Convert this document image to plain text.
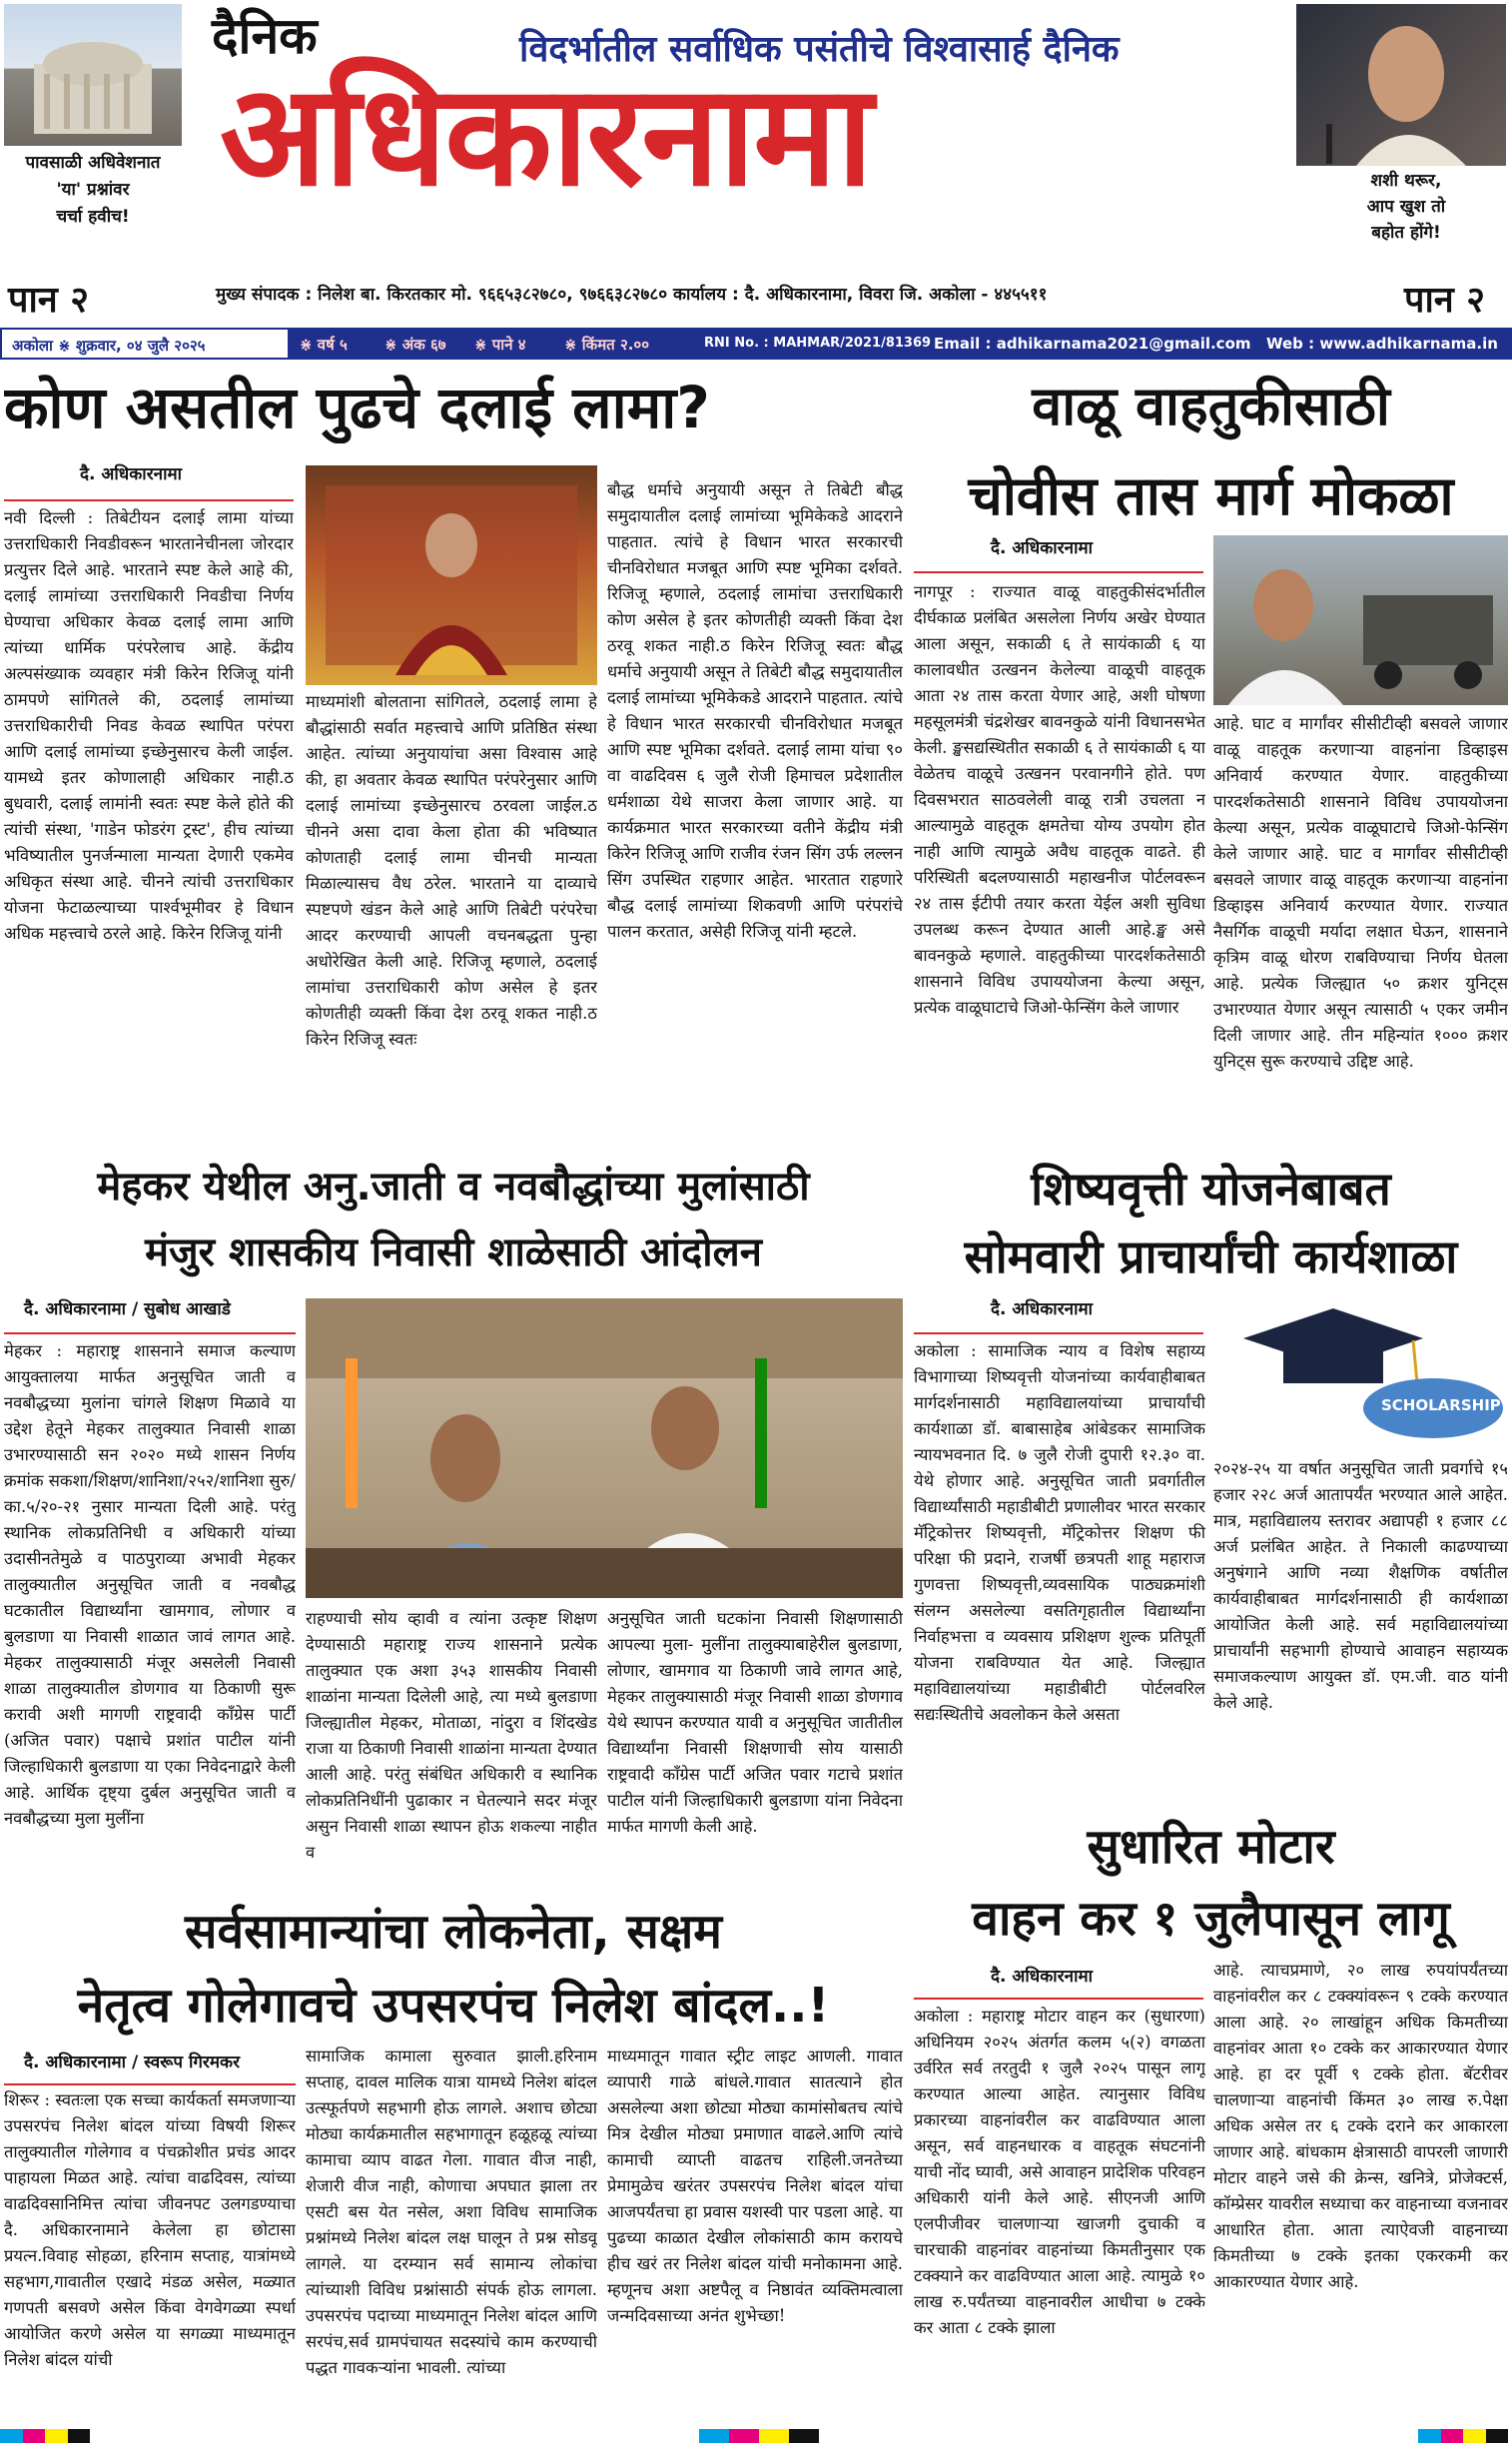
पावसाळी अधिवेशनात
'या' प्रश्नांवर
चर्चा हवीच!
दैनिक	विदर्भातील सर्वाधिक पसंतीचे विश्वासार्ह दैनिक
अधिकारनामा	शशी थरूर,
आप खुश तो
बहोत होंगे!
पान २	मुख्य संपादक : निलेश बा. किरतकार मो. ९६६५३८२७८०, ९७६६३८२७८० कार्यालय : दै. अधिकारनामा, विवरा जि. अकोला - ४४५५११	पान २
अकोला ⋇ शुक्रवार, ०४ जुलै २०२५	⋇ वर्ष ५ ⋇ अंक ६७ ⋇ पाने ४	⋇ किंमत २.००	RNI No. : MAHMAR/2021/81369 Email : adhikarnama2021@gmail.com Web : www.adhikarnama.in
कोण असतील पुढचे दलाई लामा?
दै. अधिकारनामा
नवी दिल्ली : तिबेटीयन दलाई लामा यांच्या उत्तराधिकारी निवडीवरून भारतानेचीनला जोरदार प्रत्युत्तर दिले आहे. भारताने स्पष्ट केले आहे की, दलाई लामांच्या उत्तराधिकारी निवडीचा निर्णय घेण्याचा अधिकार केवळ दलाई लामा आणि त्यांच्या धार्मिक परंपरेलाच आहे. केंद्रीय अल्पसंख्याक व्यवहार मंत्री किरेन रिजिजू यांनी ठामपणे सांगितले की, ठदलाई लामांच्या उत्तराधिकारीची निवड केवळ स्थापित परंपरा आणि दलाई लामांच्या इच्छेनुसारच केली जाईल. यामध्ये इतर कोणालाही अधिकार नाही.ठ बुधवारी, दलाई लामांनी स्वतः स्पष्ट केले होते की त्यांची संस्था, 'गाडेन फोडरंग ट्रस्ट', हीच त्यांच्या भविष्यातील पुनर्जन्माला मान्यता देणारी एकमेव अधिकृत संस्था आहे. चीनने त्यांची उत्तराधिकार योजना फेटाळल्याच्या पार्श्वभूमीवर हे विधान अधिक महत्त्वाचे ठरले आहे. किरेन रिजिजू यांनी
माध्यमांशी बोलताना सांगितले, ठदलाई लामा हे बौद्धांसाठी सर्वात महत्त्वाचे आणि प्रतिष्ठित संस्था आहेत. त्यांच्या अनुयायांचा असा विश्वास आहे की, हा अवतार केवळ स्थापित परंपरेनुसार आणि दलाई लामांच्या इच्छेनुसारच ठरवला जाईल.ठ चीनने असा दावा केला होता की भविष्यात कोणताही दलाई लामा चीनची मान्यता मिळाल्यासच वैध ठरेल. भारताने या दाव्याचे स्पष्टपणे खंडन केले आहे आणि तिबेटी परंपरेचा आदर करण्याची आपली वचनबद्धता पुन्हा अधोरेखित केली आहे. रिजिजू म्हणाले, ठदलाई लामांचा उत्तराधिकारी कोण असेल हे इतर कोणतीही व्यक्ती किंवा देश ठरवू शकत नाही.ठ किरेन रिजिजू स्वतः
बौद्ध धर्माचे अनुयायी असून ते तिबेटी बौद्ध समुदायातील दलाई लामांच्या भूमिकेकडे आदराने पाहतात. त्यांचे हे विधान भारत सरकारची चीनविरोधात मजबूत आणि स्पष्ट भूमिका दर्शवते. रिजिजू म्हणाले, ठदलाई लामांचा उत्तराधिकारी कोण असेल हे इतर कोणतीही व्यक्ती किंवा देश ठरवू शकत नाही.ठ किरेन रिजिजू स्वतः बौद्ध धर्माचे अनुयायी असून ते तिबेटी बौद्ध समुदायातील दलाई लामांच्या भूमिकेकडे आदराने पाहतात. त्यांचे हे विधान भारत सरकारची चीनविरोधात मजबूत आणि स्पष्ट भूमिका दर्शवते. दलाई लामा यांचा ९० वा वाढदिवस ६ जुलै रोजी हिमाचल प्रदेशातील धर्मशाळा येथे साजरा केला जाणार आहे. या कार्यक्रमात भारत सरकारच्या वतीने केंद्रीय मंत्री किरेन रिजिजू आणि राजीव रंजन सिंग उर्फ लल्लन सिंग उपस्थित राहणार आहेत. भारतात राहणारे बौद्ध दलाई लामांच्या शिकवणी आणि परंपरांचे पालन करतात, असेही रिजिजू यांनी म्हटले.
वाळू वाहतुकीसाठी
चोवीस तास मार्ग मोकळा
दै. अधिकारनामा
नागपूर : राज्यात वाळू वाहतुकीसंदर्भातील दीर्घकाळ प्रलंबित असलेला निर्णय अखेर घेण्यात आला असून, सकाळी ६ ते सायंकाळी ६ या कालावधीत उत्खनन केलेल्या वाळूची वाहतूक आता २४ तास करता येणार आहे, अशी घोषणा महसूलमंत्री चंद्रशेखर बावनकुळे यांनी विधानसभेत केली. ङ्खसद्यस्थितीत सकाळी ६ ते सायंकाळी ६ या वेळेतच वाळूचे उत्खनन परवानगीने होते. पण दिवसभरात साठवलेली वाळू रात्री उचलता न आल्यामुळे वाहतूक क्षमतेचा योग्य उपयोग होत नाही आणि त्यामुळे अवैध वाहतूक वाढते. ही परिस्थिती बदलण्यासाठी महाखनीज पोर्टलवरून २४ तास ईटीपी तयार करता येईल अशी सुविधा उपलब्ध करून देण्यात आली आहे.ङ्ख असे बावनकुळे म्हणाले. वाहतुकीच्या पारदर्शकतेसाठी शासनाने विविध उपाययोजना केल्या असून, प्रत्येक वाळूघाटाचे जिओ-फेन्सिंग केले जाणार
आहे. घाट व मार्गांवर सीसीटीव्ही बसवले जाणार वाळू वाहतूक करणाऱ्या वाहनांना डिव्हाइस अनिवार्य करण्यात येणार. वाहतुकीच्या पारदर्शकतेसाठी शासनाने विविध उपाययोजना केल्या असून, प्रत्येक वाळूघाटाचे जिओ-फेन्सिंग केले जाणार आहे. घाट व मार्गांवर सीसीटीव्ही बसवले जाणार वाळू वाहतूक करणाऱ्या वाहनांना डिव्हाइस अनिवार्य करण्यात येणार. राज्यात नैसर्गिक वाळूची मर्यादा लक्षात घेऊन, शासनाने कृत्रिम वाळू धोरण राबविण्याचा निर्णय घेतला आहे. प्रत्येक जिल्ह्यात ५० क्रशर युनिट्स उभारण्यात येणार असून त्यासाठी ५ एकर जमीन दिली जाणार आहे. तीन महिन्यांत १००० क्रशर युनिट्स सुरू करण्याचे उद्दिष्ट आहे.
मेहकर येथील अनु.जाती व नवबौद्धांच्या मुलांसाठी
मंजुर शासकीय निवासी शाळेसाठी आंदोलन
दै. अधिकारनामा / सुबोध आखाडे
मेहकर : महाराष्ट्र शासनाने समाज कल्याण आयुक्तालया मार्फत अनुसूचित जाती व नवबौद्धच्या मुलांना चांगले शिक्षण मिळावे या उद्देश हेतूने मेहकर तालुक्यात निवासी शाळा उभारण्यासाठी सन २०२० मध्ये शासन निर्णय क्रमांक सकशा/शिक्षण/शानिशा/२५२/शानिशा सुरु/का.५/२०-२१ नुसार मान्यता दिली आहे. परंतु स्थानिक लोकप्रतिनिधी व अधिकारी यांच्या उदासीनतेमुळे व पाठपुराव्या अभावी मेहकर तालुक्यातील अनुसूचित जाती व नवबौद्ध घटकातील विद्यार्थ्यांना खामगाव, लोणार व बुलडाणा या निवासी शाळात जावं लागत आहे. मेहकर तालुक्यासाठी मंजूर असलेली निवासी शाळा तालुक्यातील डोणगाव या ठिकाणी सुरू करावी अशी मागणी राष्ट्रवादी काँग्रेस पार्टी (अजित पवार) पक्षाचे प्रशांत पाटील यांनी जिल्हाधिकारी बुलडाणा या एका निवेदनाद्वारे केली आहे. आर्थिक दृष्ट्या दुर्बल अनुसूचित जाती व नवबौद्धच्या मुला मुलींना
राहण्याची सोय व्हावी व त्यांना उत्कृष्ट शिक्षण देण्यासाठी महाराष्ट्र राज्य शासनाने प्रत्येक तालुक्यात एक अशा ३५३ शासकीय निवासी शाळांना मान्यता दिलेली आहे, त्या मध्ये बुलडाणा जिल्ह्यातील मेहकर, मोताळा, नांदुरा व शिंदखेड राजा या ठिकाणी निवासी शाळांना मान्यता देण्यात आली आहे. परंतु संबंधित अधिकारी व स्थानिक लोकप्रतिनिधींनी पुढाकार न घेतल्याने सदर मंजूर असुन निवासी शाळा स्थापन होऊ शकल्या नाहीत व
अनुसूचित जाती घटकांना निवासी शिक्षणासाठी आपल्या मुला- मुलींना तालुक्याबाहेरील बुलडाणा, लोणार, खामगाव या ठिकाणी जावे लागत आहे, मेहकर तालुक्यासाठी मंजूर निवासी शाळा डोणगाव येथे स्थापन करण्यात यावी व अनुसूचित जातीतील विद्यार्थ्यांना निवासी शिक्षणाची सोय यासाठी राष्ट्रवादी काँग्रेस पार्टी अजित पवार गटाचे प्रशांत पाटील यांनी जिल्हाधिकारी बुलडाणा यांना निवेदना मार्फत मागणी केली आहे.
शिष्यवृत्ती योजनेबाबत
सोमवारी प्राचार्यांची कार्यशाळा
दै. अधिकारनामा
अकोला : सामाजिक न्याय व विशेष सहाय्य विभागाच्या शिष्यवृत्ती योजनांच्या कार्यवाहीबाबत मार्गदर्शनासाठी महाविद्यालयांच्या प्राचार्यांची कार्यशाळा डॉ. बाबासाहेब आंबेडकर सामाजिक न्यायभवनात दि. ७ जुलै रोजी दुपारी १२.३० वा. येथे होणार आहे. अनुसूचित जाती प्रवर्गातील विद्यार्थ्यांसाठी महाडीबीटी प्रणालीवर भारत सरकार मॅट्रिकोत्तर शिष्यवृत्ती, मॅट्रिकोत्तर शिक्षण फी परिक्षा फी प्रदाने, राजर्षी छत्रपती शाहू महाराज गुणवत्ता शिष्यवृत्ती,व्यवसायिक पाठ्यक्रमांशी संलग्न असलेल्या वसतिगृहातील विद्यार्थ्यांना निर्वाहभत्ता व व्यवसाय प्रशिक्षण शुल्क प्रतिपूर्ती योजना राबविण्यात येत आहे. जिल्ह्यात महाविद्यालयांच्या महाडीबीटी पोर्टलवरिल सद्यःस्थितीचे अवलोकन केले असता
SCHOLARSHIP
२०२४-२५ या वर्षात अनुसूचित जाती प्रवर्गाचे १५ हजार २२८ अर्ज आतापर्यंत भरण्यात आले आहेत. मात्र, महाविद्यालय स्तरावर अद्यापही १ हजार ८८ अर्ज प्रलंबित आहेत. ते निकाली काढण्याच्या अनुषंगाने आणि नव्या शैक्षणिक वर्षातील कार्यवाहीबाबत मार्गदर्शनासाठी ही कार्यशाळा आयोजित केली आहे. सर्व महाविद्यालयांच्या प्राचार्यांनी सहभागी होण्याचे आवाहन सहाय्यक समाजकल्याण आयुक्त डॉ. एम.जी. वाठ यांनी केले आहे.
सर्वसामान्यांचा लोकनेता, सक्षम
नेतृत्व गोलेगावचे उपसरपंच निलेश बांदल..!
दै. अधिकारनामा / स्वरूप गिरमकर
शिरूर : स्वतःला एक सच्चा कार्यकर्ता समजणाऱ्या उपसरपंच निलेश बांदल यांच्या विषयी शिरूर तालुक्यातील गोलेगाव व पंचक्रोशीत प्रचंड आदर पाहायला मिळत आहे. त्यांचा वाढदिवस, त्यांच्या वाढदिवसानिमित्त त्यांचा जीवनपट उलगडण्याचा दै. अधिकारनामाने केलेला हा छोटासा प्रयत्न.विवाह सोहळा, हरिनाम सप्ताह, यात्रांमध्ये सहभाग,गावातील एखादे मंडळ असेल, मळ्यात गणपती बसवणे असेल किंवा वेगवेगळ्या स्पर्धा आयोजित करणे असेल या सगळ्या माध्यमातून निलेश बांदल यांची
सामाजिक कामाला सुरुवात झाली.हरिनाम सप्ताह, दावल मालिक यात्रा यामध्ये निलेश बांदल उत्स्फूर्तपणे सहभागी होऊ लागले. अशाच छोट्या मोठ्या कार्यक्रमातील सहभागातून हळूहळू त्यांच्या कामाचा व्याप वाढत गेला. गावात वीज नाही, शेजारी वीज नाही, कोणाचा अपघात झाला तर एसटी बस येत नसेल, अशा विविध सामाजिक प्रश्नांमध्ये निलेश बांदल लक्ष घालून ते प्रश्न सोडवू लागले. या दरम्यान सर्व सामान्य लोकांचा त्यांच्याशी विविध प्रश्नांसाठी संपर्क होऊ लागला. उपसरपंच पदाच्या माध्यमातून निलेश बांदल आणि सरपंच,सर्व ग्रामपंचायत सदस्यांचे काम करण्याची पद्धत गावकऱ्यांना भावली. त्यांच्या
माध्यमातून गावात स्ट्रीट लाइट आणली. गावात व्यापारी गाळे बांधले.गावात सातत्याने होत असलेल्या अशा छोट्या मोठ्या कामांसोबतच त्यांचे मित्र देखील मोठ्या प्रमाणात वाढले.आणि त्यांचे कामाची व्याप्ती वाढतच राहिली.जनतेच्या प्रेमामुळेच खरंतर उपसरपंच निलेश बांदल यांचा आजपर्यंतचा हा प्रवास यशस्वी पार पडला आहे. या पुढच्या काळात देखील लोकांसाठी काम करायचे हीच खरं तर निलेश बांदल यांची मनोकामना आहे. म्हणूनच अशा अष्टपैलू व निष्ठावंत व्यक्तिमत्वाला जन्मदिवसाच्या अनंत शुभेच्छा!
सुधारित मोटार
वाहन कर १ जुलैपासून लागू
दै. अधिकारनामा
अकोला : महाराष्ट्र मोटार वाहन कर (सुधारणा) अधिनियम २०२५ अंतर्गत कलम ५(२) वगळता उर्वरित सर्व तरतुदी १ जुलै २०२५ पासून लागू करण्यात आल्या आहेत. त्यानुसार विविध प्रकारच्या वाहनांवरील कर वाढविण्यात आला असून, सर्व वाहनधारक व वाहतूक संघटनांनी याची नोंद घ्यावी, असे आवाहन प्रादेशिक परिवहन अधिकारी यांनी केले आहे. सीएनजी आणि एलपीजीवर चालणाऱ्या खाजगी दुचाकी व चारचाकी वाहनांवर वाहनांच्या किमतीनुसार एक टक्क्याने कर वाढविण्यात आला आहे. त्यामुळे १० लाख रु.पर्यंतच्या वाहनावरील आधीचा ७ टक्के कर आता ८ टक्के झाला
आहे. त्याचप्रमाणे, २० लाख रुपयांपर्यंतच्या वाहनांवरील कर ८ टक्क्यांवरून ९ टक्के करण्यात आला आहे. २० लाखांहून अधिक किमतीच्या वाहनांवर आता १० टक्के कर आकारण्यात येणार आहे. हा दर पूर्वी ९ टक्के होता. बॅटरीवर चालणाऱ्या वाहनांची किंमत ३० लाख रु.पेक्षा अधिक असेल तर ६ टक्के दराने कर आकारला जाणार आहे. बांधकाम क्षेत्रासाठी वापरली जाणारी मोटार वाहने जसे की क्रेन्स, खनित्रे, प्रोजेक्टर्स, कॉम्प्रेसर यावरील सध्याचा कर वाहनाच्या वजनावर आधारित होता. आता त्याऐवजी वाहनाच्या किमतीच्या ७ टक्के इतका एकरकमी कर आकारण्यात येणार आहे.
